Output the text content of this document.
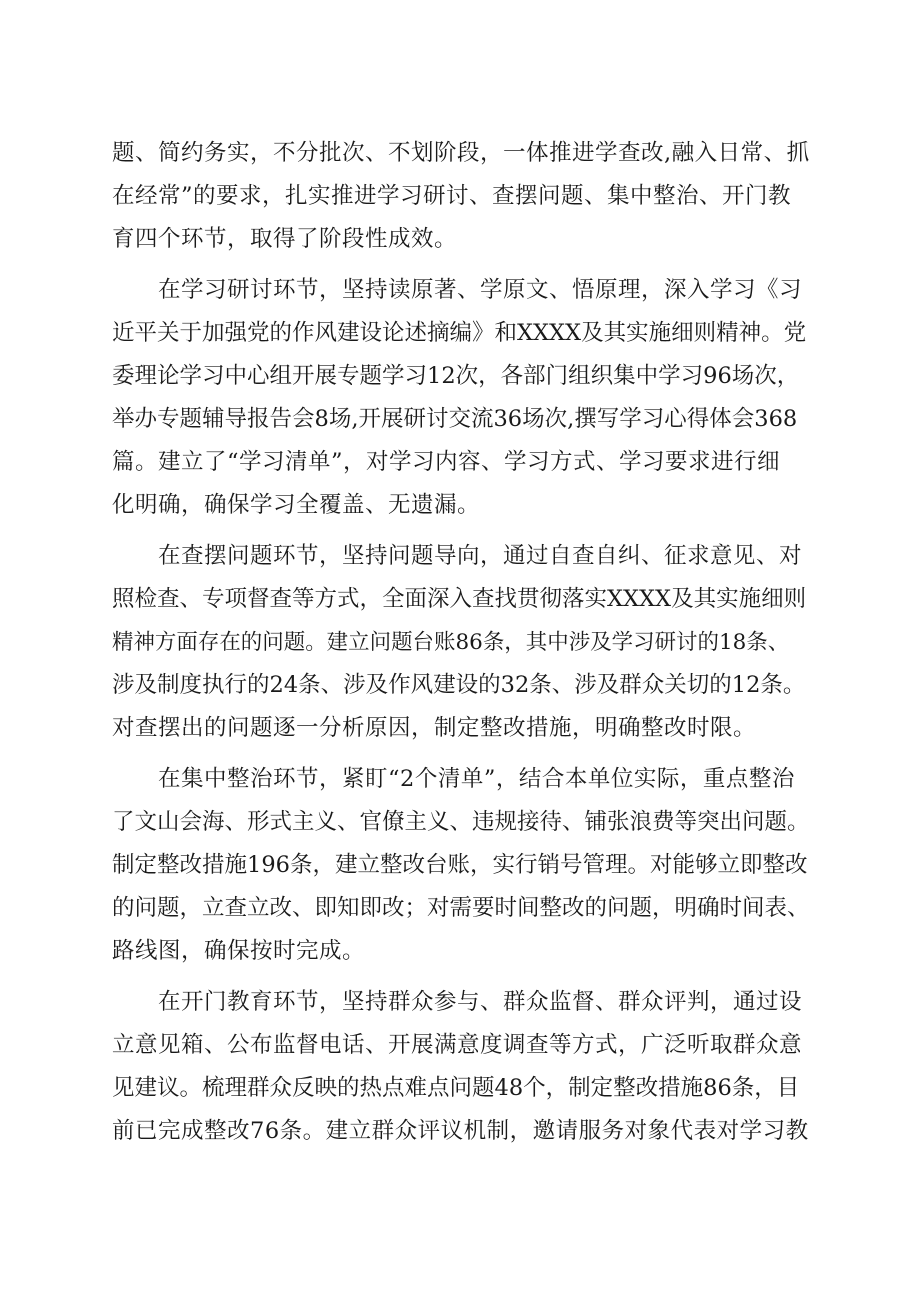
题、简约务实，不分批次、不划阶段，一体推进学查改,融入日常、抓
在经常”的要求，扎实推进学习研讨、查摆问题、集中整治、开门教
育四个环节，取得了阶段性成效。

在学习研讨环节，坚持读原著、学原文、悟原理，深入学习《习
近平关于加强党的作风建设论述摘编》和XXXX及其实施细则精神。党
委理论学习中心组开展专题学习12次，各部门组织集中学习96场次，
举办专题辅导报告会8场,开展研讨交流36场次,撰写学习心得体会368
篇。建立了“学习清单”，对学习内容、学习方式、学习要求进行细
化明确，确保学习全覆盖、无遗漏。

在查摆问题环节，坚持问题导向，通过自查自纠、征求意见、对
照检查、专项督查等方式，全面深入查找贯彻落实XXXX及其实施细则
精神方面存在的问题。建立问题台账86条，其中涉及学习研讨的18条、
涉及制度执行的24条、涉及作风建设的32条、涉及群众关切的12条。
对查摆出的问题逐一分析原因，制定整改措施，明确整改时限。

在集中整治环节，紧盯“2个清单”，结合本单位实际，重点整治
了文山会海、形式主义、官僚主义、违规接待、铺张浪费等突出问题。
制定整改措施196条，建立整改台账，实行销号管理。对能够立即整改
的问题，立查立改、即知即改；对需要时间整改的问题，明确时间表、
路线图，确保按时完成。

在开门教育环节，坚持群众参与、群众监督、群众评判，通过设
立意见箱、公布监督电话、开展满意度调查等方式，广泛听取群众意
见建议。梳理群众反映的热点难点问题48个，制定整改措施86条，目
前已完成整改76条。建立群众评议机制，邀请服务对象代表对学习教
